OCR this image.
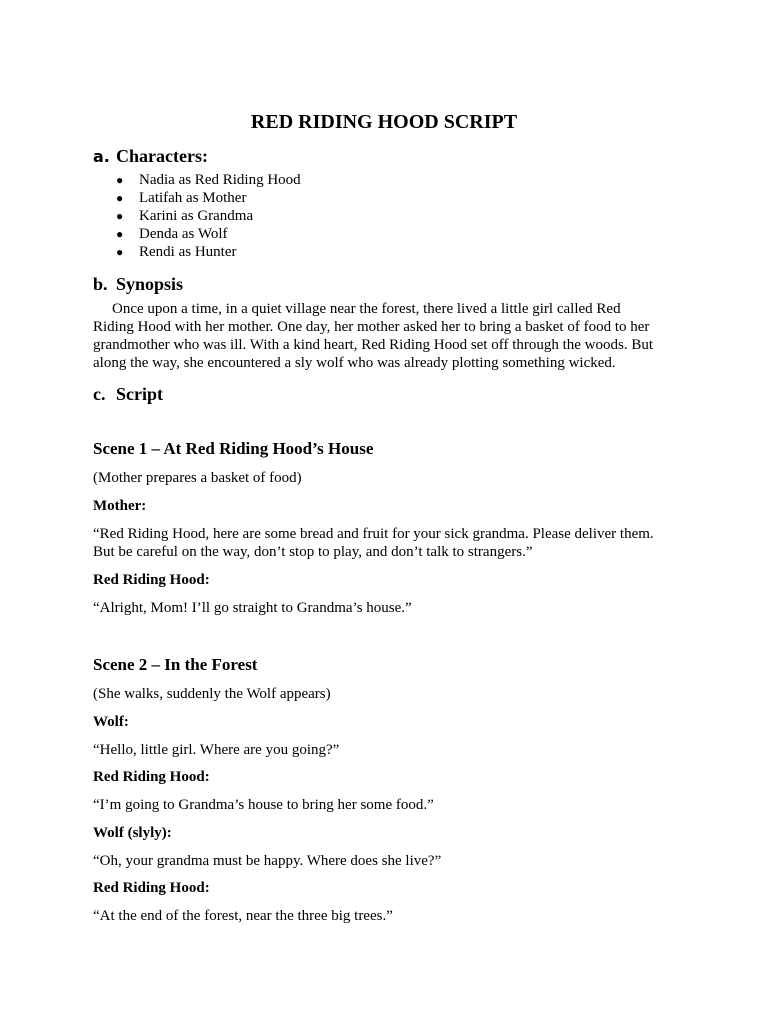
RED RIDING HOOD SCRIPT
a. Characters:
● Nadia as Red Riding Hood
● Latifah as Mother
● Karini as Grandma
● Denda as Wolf
● Rendi as Hunter
b. Synopsis
Once upon a time, in a quiet village near the forest, there lived a little girl called Red
Riding Hood with her mother. One day, her mother asked her to bring a basket of food to her
grandmother who was ill. With a kind heart, Red Riding Hood set off through the woods. But
along the way, she encountered a sly wolf who was already plotting something wicked.
c. Script
Scene 1 – At Red Riding Hood’s House
(Mother prepares a basket of food)
Mother:
“Red Riding Hood, here are some bread and fruit for your sick grandma. Please deliver them.
But be careful on the way, don’t stop to play, and don’t talk to strangers.”
Red Riding Hood:
“Alright, Mom! I’ll go straight to Grandma’s house.”
Scene 2 – In the Forest
(She walks, suddenly the Wolf appears)
Wolf:
“Hello, little girl. Where are you going?”
Red Riding Hood:
“I’m going to Grandma’s house to bring her some food.”
Wolf (slyly):
“Oh, your grandma must be happy. Where does she live?”
Red Riding Hood:
“At the end of the forest, near the three big trees.”
